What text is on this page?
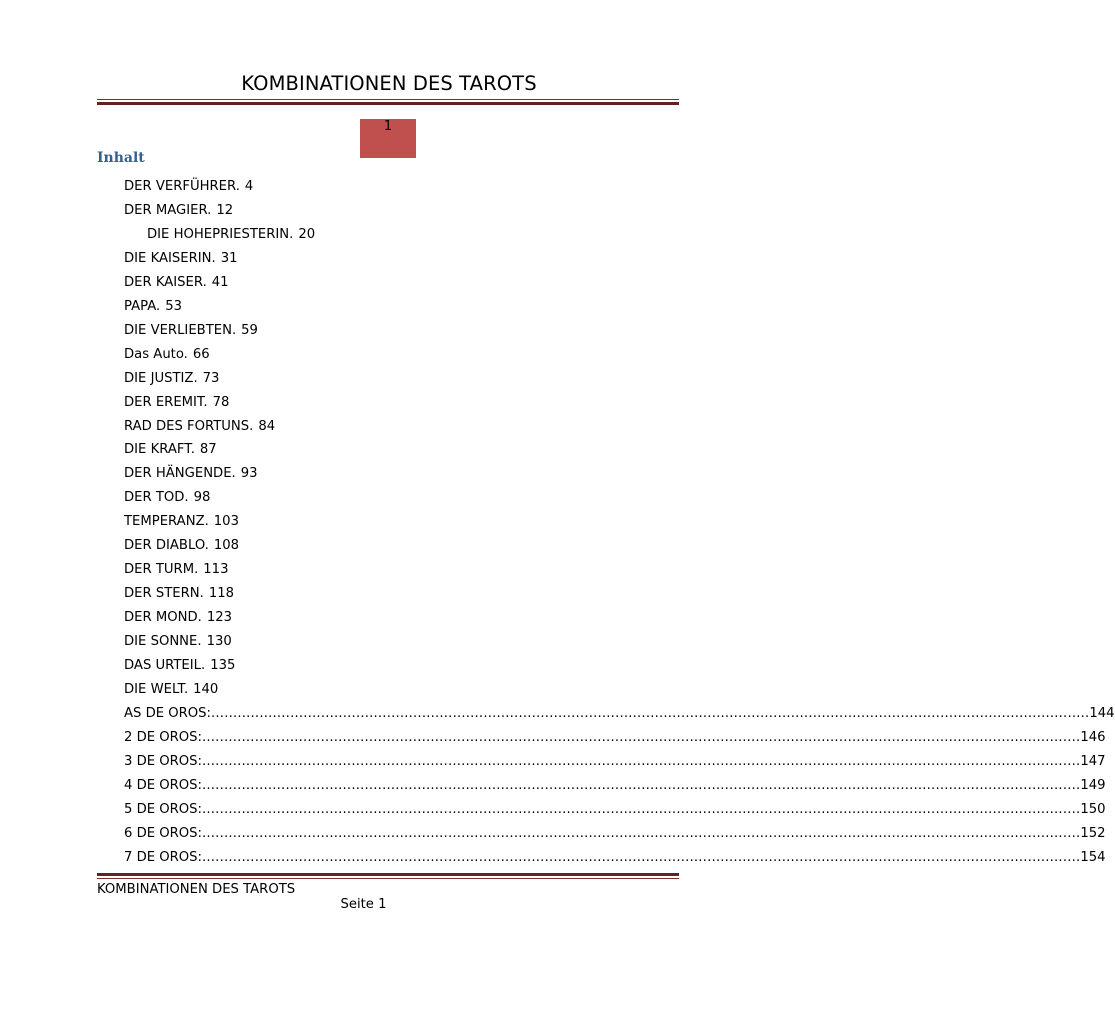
KOMBINATIONEN DES TAROTS
1
Inhalt
DER VERFÜHRER. 4
DER MAGIER. 12
DIE HOHEPRIESTERIN. 20
DIE KAISERIN. 31
DER KAISER. 41
PAPA. 53
DIE VERLIEBTEN. 59
Das Auto. 66
DIE JUSTIZ. 73
DER EREMIT. 78
RAD DES FORTUNS. 84
DIE KRAFT. 87
DER HÄNGENDE. 93
DER TOD. 98
TEMPERANZ. 103
DER DIABLO. 108
DER TURM. 113
DER STERN. 118
DER MOND. 123
DIE SONNE. 130
DAS URTEIL. 135
DIE WELT. 140
AS DE OROS: ........................................................................................................................................................................................................ 144
2 DE OROS: ........................................................................................................................................................................................................ 146
3 DE OROS: ........................................................................................................................................................................................................ 147
4 DE OROS: ........................................................................................................................................................................................................ 149
5 DE OROS: ........................................................................................................................................................................................................ 150
6 DE OROS: ........................................................................................................................................................................................................ 152
7 DE OROS: ........................................................................................................................................................................................................ 154
KOMBINATIONEN DES TAROTS
Seite 1
